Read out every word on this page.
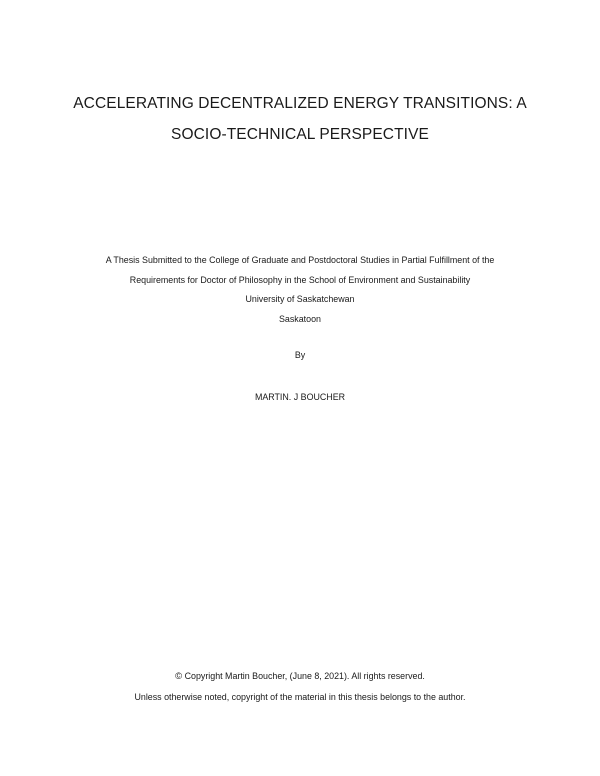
ACCELERATING DECENTRALIZED ENERGY TRANSITIONS: A
SOCIO-TECHNICAL PERSPECTIVE
A Thesis Submitted to the College of Graduate and Postdoctoral Studies in Partial Fulfillment of the
Requirements for Doctor of Philosophy in the School of Environment and Sustainability
University of Saskatchewan
Saskatoon
By
MARTIN. J BOUCHER
© Copyright Martin Boucher, (June 8, 2021). All rights reserved.
Unless otherwise noted, copyright of the material in this thesis belongs to the author.
